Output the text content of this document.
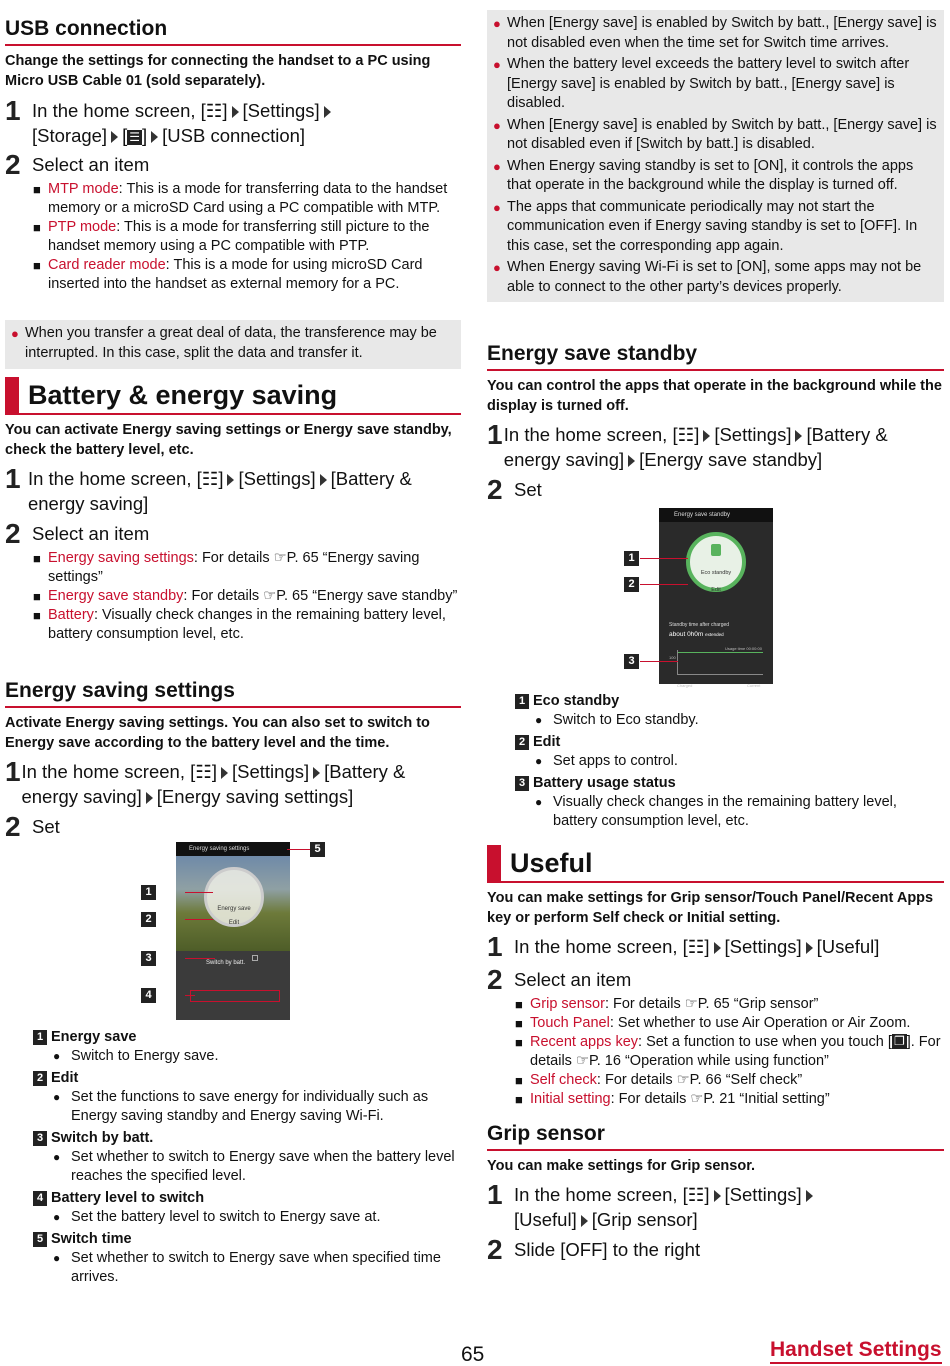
USB connection
Change the settings for connecting the handset to a PC using Micro USB Cable 01 (sold separately).
1 In the home screen, [☷] [Settings]
[Storage] [ ☰ ] [USB connection]
2 Select an item
■ MTP mode: This is a mode for transferring data to the handset memory or a microSD Card using a PC compatible with MTP.
■ PTP mode: This is a mode for transferring still picture to the handset memory using a PC compatible with PTP.
■ Card reader mode: This is a mode for using microSD Card inserted into the handset as external memory for a PC.
● When you transfer a great deal of data, the transference may be interrupted. In this case, split the data and transfer it.
Battery & energy saving
You can activate Energy saving settings or Energy save standby, check the battery level, etc.
1 In the home screen, [☷] [Settings] [Battery & energy saving]
2 Select an item
■ Energy saving settings: For details ☞P. 65 “Energy saving settings”
■ Energy save standby: For details ☞P. 65 “Energy save standby”
■ Battery: Visually check changes in the remaining battery level, battery consumption level, etc.
Energy saving settings
Activate Energy saving settings. You can also set to switch to Energy save according to the battery level and the time.
1 In the home screen, [☷] [Settings] [Battery & energy saving] [Energy saving settings]
2 Set
Energy saving settings
Energy save
Edit
Switch by batt.
1
2
3
4
5
1 Energy save
● Switch to Energy save.
2 Edit
● Set the functions to save energy for individually such as Energy saving standby and Energy saving Wi-Fi.
3 Switch by batt.
● Set whether to switch to Energy save when the battery level reaches the specified level.
4 Battery level to switch
● Set the battery level to switch to Energy save at.
5 Switch time
● Set whether to switch to Energy save when specified time arrives.
● When [Energy save] is enabled by Switch by batt., [Energy save] is not disabled even when the time set for Switch time arrives.
● When the battery level exceeds the battery level to switch after [Energy save] is enabled by Switch by batt., [Energy save] is disabled.
● When [Energy save] is enabled by Switch by batt., [Energy save] is not disabled even if [Switch by batt.] is disabled.
● When Energy saving standby is set to [ON], it controls the apps that operate in the background while the display is turned off.
● The apps that communicate periodically may not start the communication even if Energy saving standby is set to [OFF]. In this case, set the corresponding app again.
● When Energy saving Wi-Fi is set to [ON], some apps may not be able to connect to the other party’s devices properly.
Energy save standby
You can control the apps that operate in the background while the display is turned off.
1 In the home screen, [☷] [Settings] [Battery & energy saving] [Energy save standby]
2 Set
Energy save standby
Eco standby
Edit
Standby time after charged
about 0h0m extended
Usage time 00:00:00
100
Charged	Current
1
2
3
1 Eco standby
● Switch to Eco standby.
2 Edit
● Set apps to control.
3 Battery usage status
● Visually check changes in the remaining battery level, battery consumption level, etc.
Useful
You can make settings for Grip sensor/Touch Panel/Recent Apps key or perform Self check or Initial setting.
1 In the home screen, [☷] [Settings] [Useful]
2 Select an item
■ Grip sensor: For details ☞P. 65 “Grip sensor”
■ Touch Panel: Set whether to use Air Operation or Air Zoom.
■ Recent apps key: Set a function to use when you touch [ ❐ ]. For details ☞P. 16 “Operation while using function”
■ Self check: For details ☞P. 66 “Self check”
■ Initial setting: For details ☞P. 21 “Initial setting”
Grip sensor
You can make settings for Grip sensor.
1 In the home screen, [☷] [Settings]
[Useful] [Grip sensor]
2 Slide [OFF] to the right
65	Handset Settings
